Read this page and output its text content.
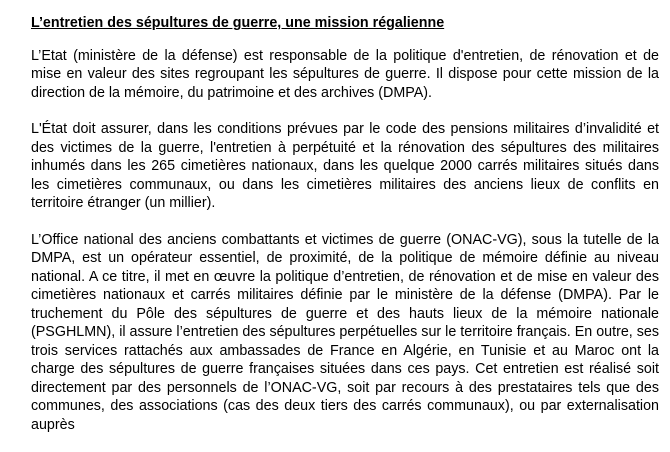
L’entretien des sépultures de guerre, une mission régalienne

L’Etat (ministère de la défense) est responsable de la politique d'entretien, de rénovation et de mise en valeur des sites regroupant les sépultures de guerre. Il dispose pour cette mission de la direction de la mémoire, du patrimoine et des archives (DMPA).

L'État doit assurer, dans les conditions prévues par le code des pensions militaires d’invalidité et des victimes de la guerre, l'entretien à perpétuité et la rénovation des sépultures des militaires inhumés dans les 265 cimetières nationaux, dans les quelque 2000 carrés militaires situés dans les cimetières communaux, ou dans les cimetières militaires des anciens lieux de conflits en territoire étranger (un millier).

L’Office national des anciens combattants et victimes de guerre (ONAC-VG), sous la tutelle de la DMPA, est un opérateur essentiel, de proximité, de la politique de mémoire définie au niveau national. A ce titre, il met en œuvre la politique d’entretien, de rénovation et de mise en valeur des cimetières nationaux et carrés militaires définie par le ministère de la défense (DMPA). Par le truchement du Pôle des sépultures de guerre et des hauts lieux de la mémoire nationale (PSGHLMN), il assure l’entretien des sépultures perpétuelles sur le territoire français. En outre, ses trois services rattachés aux ambassades de France en Algérie, en Tunisie et au Maroc ont la charge des sépultures de guerre françaises situées dans ces pays. Cet entretien est réalisé soit directement par des personnels de l’ONAC-VG, soit par recours à des prestataires tels que des communes, des associations (cas des deux tiers des carrés communaux), ou par externalisation auprès
